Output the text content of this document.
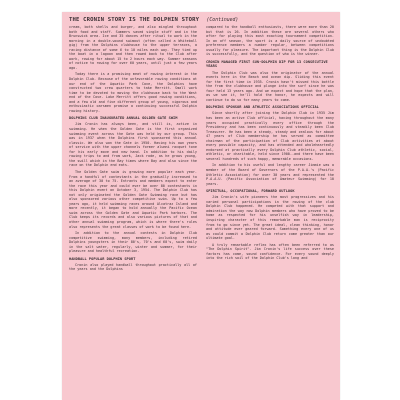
THE CRONIN STORY IS THE DOLPHIN STORY (Continued)

cream, both shells and burger, and also mingled throughout both food and staff. Summers saved single stuff and in the Brunswick area. Ice and 35 dances after ritual to work in the morning in a double-wound swimout (often called a Whiteball gig) from the Dolphins clubhouse to the upper terraces, a racing distance of some 6 to 10 miles each way. They tied up the boat in a lagoon and then rowed back to the Club after work, rowing for about 15 to 2 hours each way. Summer seasons of notice to rowing for over 60 years, until just a few years ago.

Today there is a promising meat of rowing interest in the Dolphin Club. Because of the unfavorable rowing conditions at our end of the Aquatic Park Cove, the Dolphins have constructed two crew quarters to take Merritt. Small work time to be devoted to moving the clubhouse back to the West end of the Cove. Lake Merritt offers good rowing conditions, and a few old and five different group of young, vigorous and enthusiastic oarsmen promise a continuing successful Dolphin rowing history.

DOLPHINS CLUB INAUGURATED ANNUAL GOLDEN GATE SWIM

Jim Cronin has always been, and still is, active in swimming. He when the Golden Gate is the first organized swimming event across the Gate was held by our group. This was in 1937 when the Dolphins first sponsored this annual classic. We also won the Gate in 1950. Having his own years of service with the upper channels former alumni racquet tone for his early move and new hand. In addition to his daily rowing trips to and from work, Jack rode, as he grows young, the swill which in the Bay times where Bay and also since the race on the Dolphin end eats.

The Golden Gate swim is growing more popular each year. From a handful of contestants in the gradually increased to an average of 30 to 75. Entrants and members expect to enter the race this year and could ever be over 80 contestants in this Dolphin event on October 3, 1954. The Dolphin Club has not only originated the Golden Gate Swimming race but has also sponsored various other competitive swim. Up to a few years ago, it held swimming races around Alcatraz Island and more recently, it began to hold annually the Pacific Ocean swim across the Golden Gate and Aquatic Park harbors. The Club keeps its records and also various pictures of that and other annual swimming program, which is where there's rules also represents the great classes of work to be found here.

In addition to the annual contests in Dolphin Club competitive swimming, many members, including retired Dolphins youngsters in their 80's, 70's and 60's, swim daily in the salt water, regularly, winter and summer, for their pleasure and healthful recreation.

HANDBALL POPULAR DOLPHIN SPORT

Cronin also played handball throughout practically all of the years and the Dolphins

compared to the handball enthusiasts, there were more than 20 but that is 26. In addition these are several others who after for playing this most exacting tournament competition. In an off season, the sport is a daily source of undoubted preference members a number regular, between competitions usually for pleasure. The important thing is the Dolphin Club is successfully, and the question of who is the winner.

CRONIN MANAGED FIRST SUN-DOLPHIN DIP FOR 13 CONSECUTIVE YEARS

The Dolphin Club was also the originator of the annual events here in the Beach and ocean dip. Sliding this event for the first time in 1935. Cronin hasn't missed this bottle the from the clubhouse and plunge into the surf since he was four held 13 years ago. And we expect and hope that the plan, as we see it, he'll hold the honor, he expects and will continue to do so for many years to come.

DOLPHINS SPONSOR AND ATHLETIC ASSOCIATIONS OFFICIAL

Since shortly after joining the Dolphin Club in 1935 Jim has been an active Club official, having throughout the many years occupied practically every office through the Presidency and has been continuously and steadily been Club Treasurer. He has been a steady, steady and zealous for about 47 years of Club membership he has served as committee chairman of the participation of Club activities at about every possible capacity, and has attended and wholeheartedly endorsed at practically every Dolphin Club athletic, social, athletic, or charitable, held since 1900--and there have been several hundreds of such happy, memorable occasions.

In addition to his useful and lengthy career Jimmie was a member of the Board of Governors of the P.A.A.'s (Pacific Athletic Association) for over 30 years and represented the P.A.A.U. (Pacific Association of Amateur Swimming) for 10 years.

SPIRITUAL, OCCUPATIONAL, FORWARD OUTLOOK

Jim Cronin's wife pioneers the most progressives and his varied personal participations in the rowing of the club Dolphin Club happened. He competed with that support and admiration the way now Dolphin members who have proved to be home as respected for his unselfish way in leadership, inspiring character of this remarkable man is reciprocity from to go since yet. The great ideal, clean thinking, honor and attitude ever geared forward. Something every one of us as could commit a Dolphin Club return come greater than our ultimate goal.

A truly remarkable reflex has often been referred to as "The Dolphin Spirit". Jim Cronin's life success over these factors has come, sound confidence. For every sound deeply into the rich soil of the Dolphin Club's long and
